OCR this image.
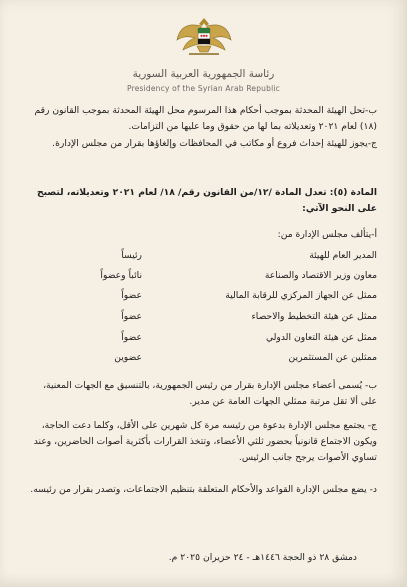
رئاسة الجمهورية العربية السورية
Presidency of the Syrian Arab Republic
ب-تحل الهيئة المحدثة بموجب أحكام هذا المرسوم محل الهيئة المحدثة بموجب القانون رقم (١٨) لعام ٢٠٢١ وتعديلاته بما لها من حقوق وما عليها من التزامات.
ج-يجوز للهيئة إحداث فروع أو مكاتب في المحافظات وإلغاؤها بقرار من مجلس الإدارة.
المادة (٥): تعدل المادة /١٢/من القانون رقم/ ١٨/ لعام ٢٠٢١ وتعديلاته، لتصبح على النحو الآتي:
أ-يتألف مجلس الإدارة من:
المدير العام للهيئة
رئيساً
معاون وزير الاقتصاد والصناعة
نائباً وعضواً
ممثل عن الجهاز المركزي للرقابة المالية
عضواً
ممثل عن هيئة التخطيط والاحصاء
عضواً
ممثل عن هيئة التعاون الدولي
عضواً
ممثلين عن المستثمرين
عضوين
ب- يُسمى أعضاء مجلس الإدارة بقرار من رئيس الجمهورية، بالتنسيق مع الجهات المعنية، على ألا تقل مرتبة ممثلي الجهات العامة عن مدير.
ج- يجتمع مجلس الإدارة بدعوة من رئيسه مرة كل شهرين على الأقل، وكلما دعت الحاجة، ويكون الاجتماع قانونياً بحضور ثلثي الأعضاء، وتتخذ القرارات بأكثرية أصوات الحاضرين، وعند تساوي الأصوات يرجح جانب الرئيس.
د- يضع مجلس الإدارة القواعد والأحكام المتعلقة بتنظيم الاجتماعات، وتصدر بقرار من رئيسه.
دمشق ٢٨ ذو الحجة ١٤٤٦هـ - ٢٤ حزيران ٢٠٢٥ م.
